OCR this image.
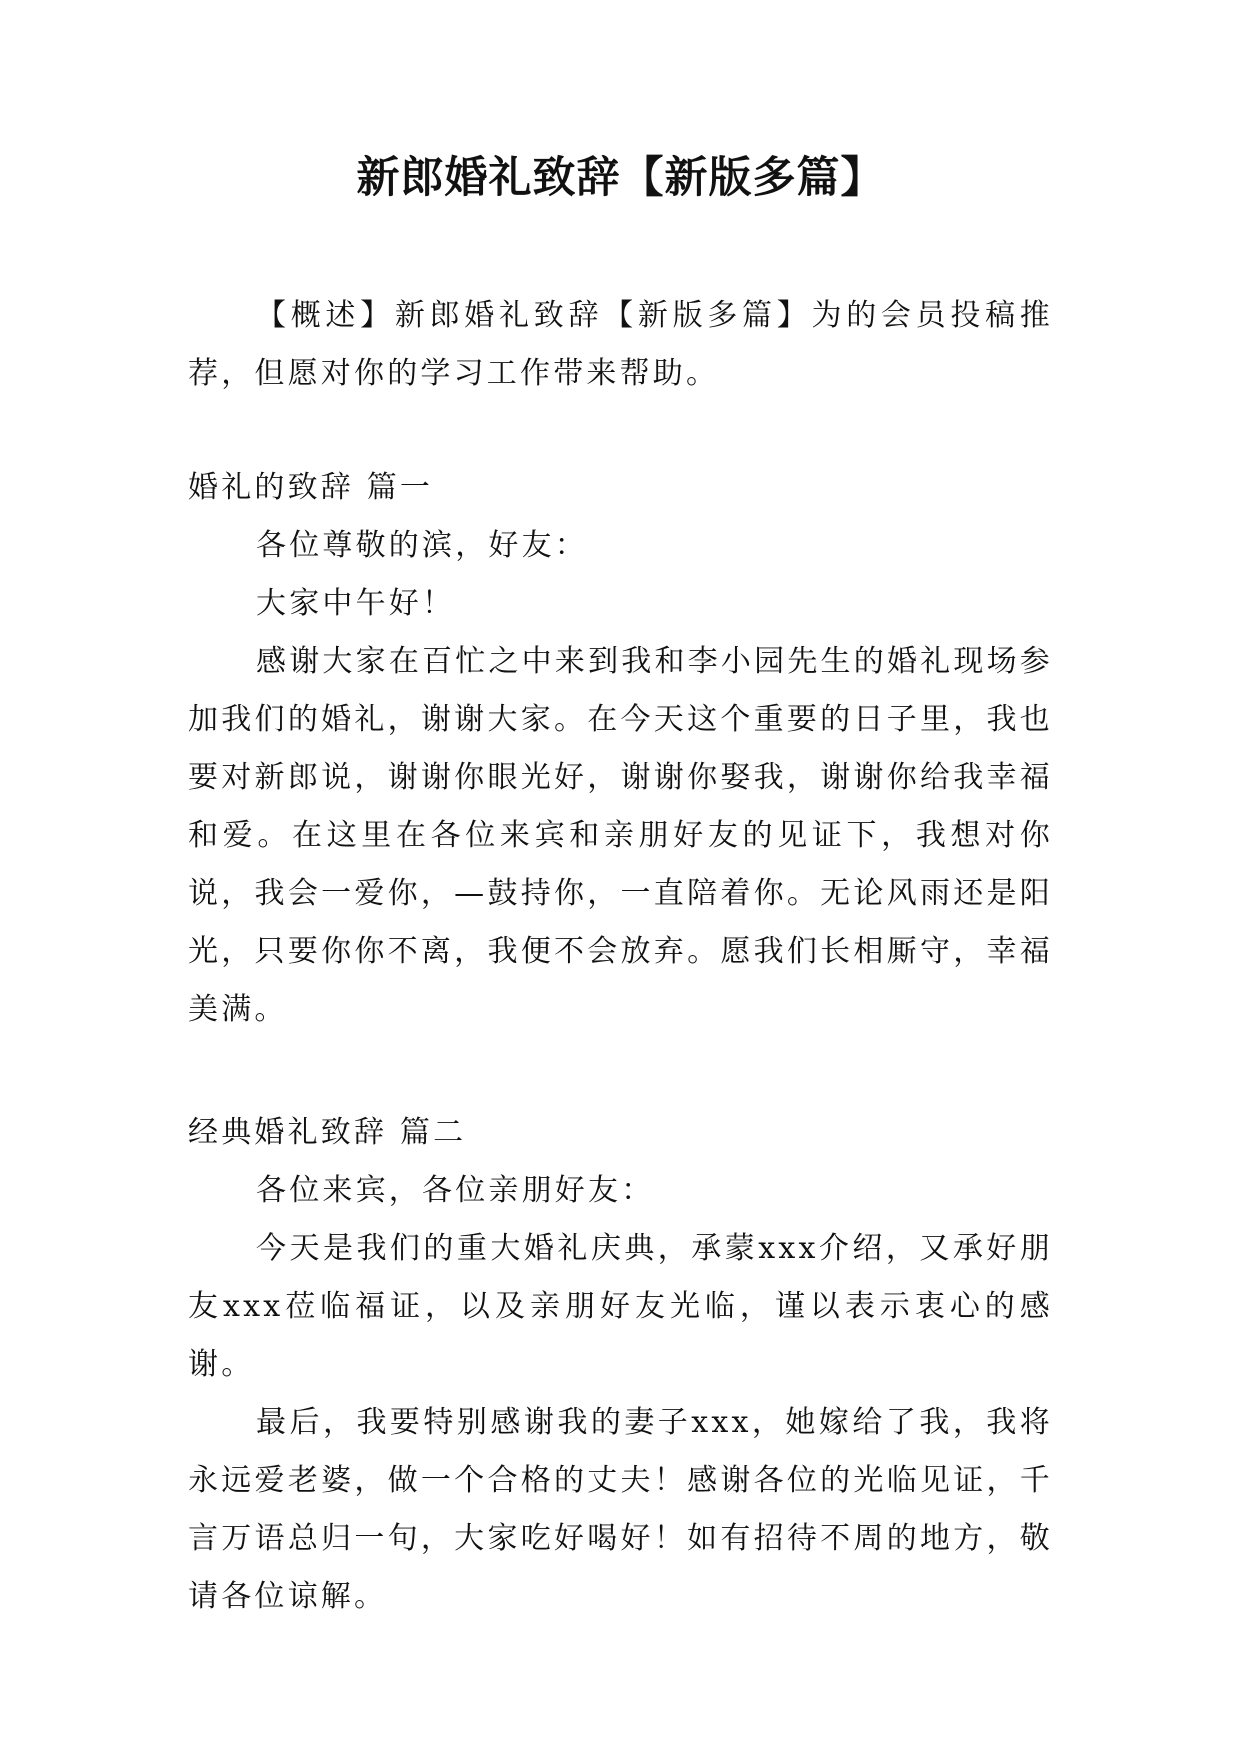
新郎婚礼致辞【新版多篇】

【概述】新郎婚礼致辞【新版多篇】为的会员投稿推荐，但愿对你的学习工作带来帮助。

婚礼的致辞 篇一

各位尊敬的滨，好友：

大家中午好！

感谢大家在百忙之中来到我和李小园先生的婚礼现场参加我们的婚礼，谢谢大家。在今天这个重要的日子里，我也要对新郎说，谢谢你眼光好，谢谢你娶我，谢谢你给我幸福和爱。在这里在各位来宾和亲朋好友的见证下，我想对你说，我会一爱你，—鼓持你，一直陪着你。无论风雨还是阳光，只要你你不离，我便不会放弃。愿我们长相厮守，幸福美满。

经典婚礼致辞 篇二

各位来宾，各位亲朋好友：

今天是我们的重大婚礼庆典，承蒙xxx介绍，又承好朋友xxx莅临福证，以及亲朋好友光临，谨以表示衷心的感谢。

最后，我要特别感谢我的妻子xxx，她嫁给了我，我将永远爱老婆，做一个合格的丈夫！感谢各位的光临见证，千言万语总归一句，大家吃好喝好！如有招待不周的地方，敬请各位谅解。
